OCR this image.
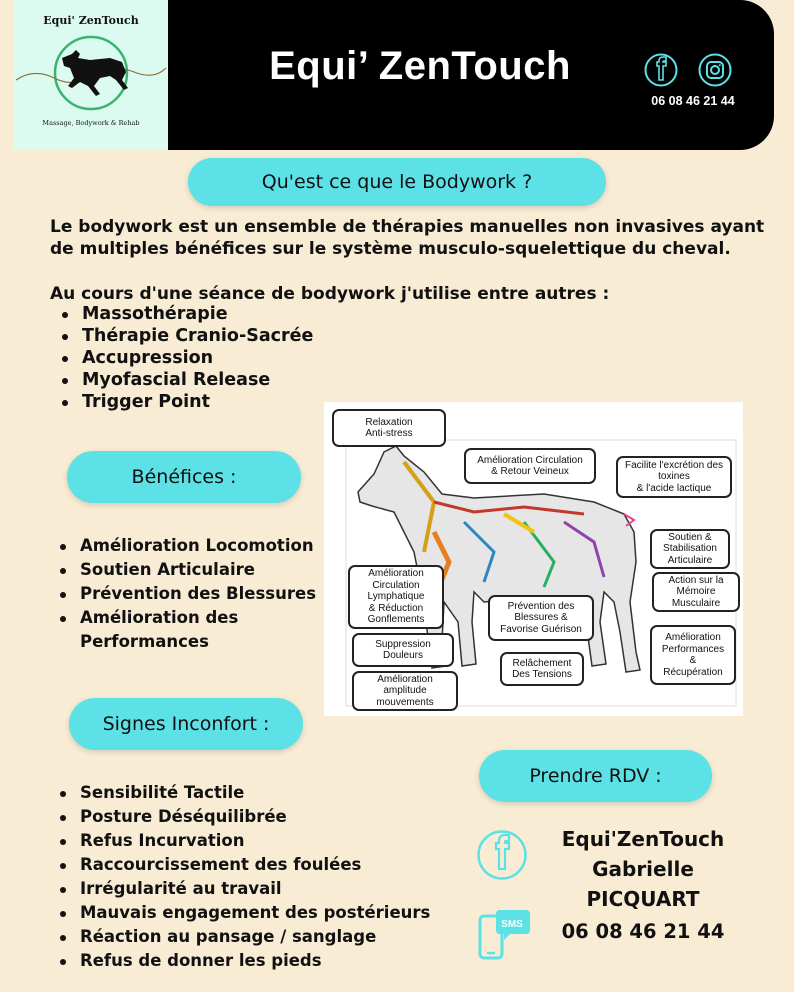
Equi' ZenTouch
Massage, Bodywork & Rehab
Equi’ ZenTouch
06 08 46 21 44
Qu'est ce que le Bodywork ?
Le bodywork est un ensemble de thérapies manuelles non invasives ayant
de multiples bénéfices sur le système musculo-squelettique du cheval.
Au cours d'une séance de bodywork j'utilise entre autres :
Massothérapie
Thérapie Cranio-Sacrée
Accupression
Myofascial Release
Trigger Point
Bénéfices :
Amélioration Locomotion
Soutien Articulaire
Prévention des Blessures
Amélioration des Performances
Relaxation
Anti-stress
Amélioration Circulation
& Retour Veineux
Facilite l'excrétion des
toxines
& l'acide lactique
Soutien &
Stabilisation
Articulaire
Action sur la
Mémoire
Musculaire
Amélioration
Circulation
Lymphatique
& Réduction
Gonflements
Prévention des
Blessures &
Favorise Guérison
Amélioration
Performances
&
Récupération
Suppression
Douleurs
Relâchement
Des Tensions
Amélioration
amplitude
mouvements
Signes Inconfort :
Sensibilité Tactile
Posture Déséquilibrée
Refus Incurvation
Raccourcissement des foulées
Irrégularité au travail
Mauvais engagement des postérieurs
Réaction au pansage / sanglage
Refus de donner les pieds
Prendre RDV :
Equi'ZenTouch
Gabrielle PICQUART
SMS	06 08 46 21 44
